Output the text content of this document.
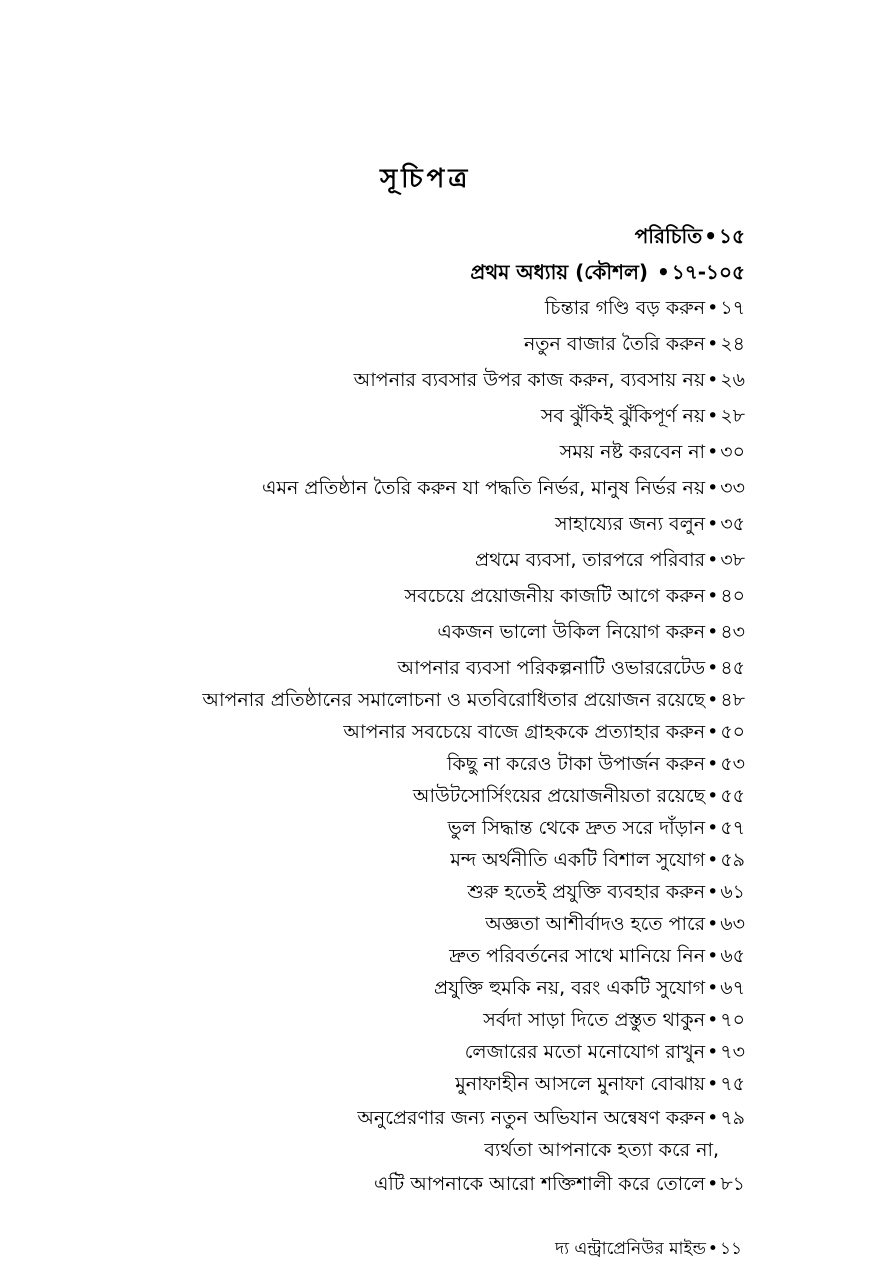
সূচিপত্র
পরিচিতি • ১৫
প্রথম অধ্যায় (কৌশল) • ১৭-১০৫
চিন্তার গণ্ডি বড় করুন • ১৭
নতুন বাজার তৈরি করুন • ২৪
আপনার ব্যবসার উপর কাজ করুন, ব্যবসায় নয় • ২৬
সব ঝুঁকিই ঝুঁকিপূর্ণ নয় • ২৮
সময় নষ্ট করবেন না • ৩০
এমন প্রতিষ্ঠান তৈরি করুন যা পদ্ধতি নির্ভর, মানুষ নির্ভর নয় • ৩৩
সাহায্যের জন্য বলুন • ৩৫
প্রথমে ব্যবসা, তারপরে পরিবার • ৩৮
সবচেয়ে প্রয়োজনীয় কাজটি আগে করুন • ৪০
একজন ভালো উকিল নিয়োগ করুন • ৪৩
আপনার ব্যবসা পরিকল্পনাটি ওভাররেটেড • ৪৫
আপনার প্রতিষ্ঠানের সমালোচনা ও মতবিরোধিতার প্রয়োজন রয়েছে • ৪৮
আপনার সবচেয়ে বাজে গ্রাহককে প্রত্যাহার করুন • ৫০
কিছু না করেও টাকা উপার্জন করুন • ৫৩
আউটসোর্সিংয়ের প্রয়োজনীয়তা রয়েছে • ৫৫
ভুল সিদ্ধান্ত থেকে দ্রুত সরে দাঁড়ান • ৫৭
মন্দ অর্থনীতি একটি বিশাল সুযোগ • ৫৯
শুরু হতেই প্রযুক্তি ব্যবহার করুন • ৬১
অজ্ঞতা আশীর্বাদও হতে পারে • ৬৩
দ্রুত পরিবর্তনের সাথে মানিয়ে নিন • ৬৫
প্রযুক্তি হুমকি নয়, বরং একটি সুযোগ • ৬৭
সর্বদা সাড়া দিতে প্রস্তুত থাকুন • ৭০
লেজারের মতো মনোযোগ রাখুন • ৭৩
মুনাফাহীন আসলে মুনাফা বোঝায় • ৭৫
অনুপ্রেরণার জন্য নতুন অভিযান অন্বেষণ করুন • ৭৯
ব্যর্থতা আপনাকে হত্যা করে না,
এটি আপনাকে আরো শক্তিশালী করে তোলে • ৮১
দ্য এন্ট্রাপ্রেনিউর মাইন্ড • ১১
